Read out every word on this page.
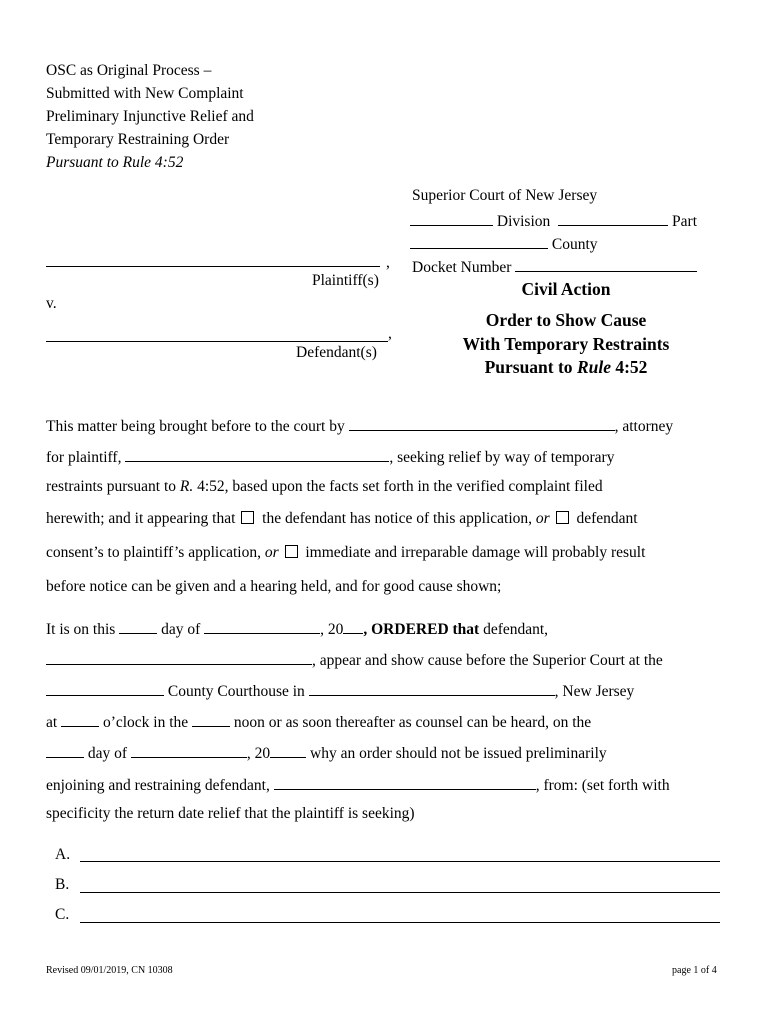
OSC as Original Process –
Submitted with New Complaint
Preliminary Injunctive Relief and
Temporary Restraining Order
Pursuant to Rule 4:52
Superior Court of New Jersey
Division	Part
County
Docket Number
,
Plaintiff(s)
v.
,
Defendant(s)
Civil Action
Order to Show Cause
With Temporary Restraints
Pursuant to Rule 4:52
This matter being brought before to the court by	, attorney
for plaintiff,	, seeking relief by way of temporary
restraints pursuant to R. 4:52, based upon the facts set forth in the verified complaint filed
herewith; and it appearing that the defendant has notice of this application, or defendant
consent’s to plaintiff’s application, or immediate and irreparable damage will probably result
before notice can be given and a hearing held, and for good cause shown;
It is on this	day of	, 20 , ORDERED that defendant,
, appear and show cause before the Superior Court at the
County Courthouse in	, New Jersey
at	o’clock in the	noon or as soon thereafter as counsel can be heard, on the
day of	, 20	why an order should not be issued preliminarily
enjoining and restraining defendant,	, from: (set forth with
specificity the return date relief that the plaintiff is seeking)
A.
B.
C.
Revised 09/01/2019, CN 10308	page 1 of 4
